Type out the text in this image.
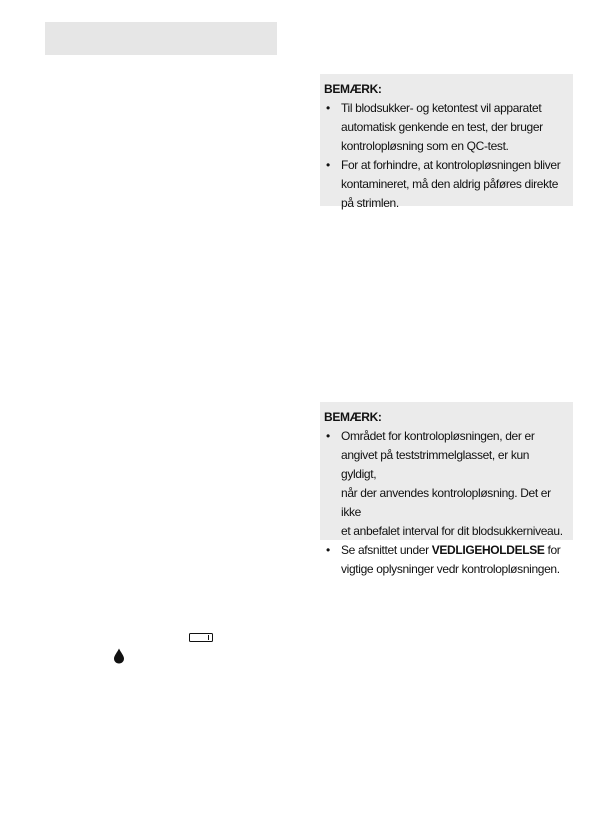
BEMÆRK:
• Til blodsukker- og ketontest vil apparatet
automatisk genkende en test, der bruger
kontrolopløsning som en QC-test.
• For at forhindre, at kontrolopløsningen bliver
kontamineret, må den aldrig påføres direkte
på strimlen.
BEMÆRK:
• Området for kontrolopløsningen, der er
angivet på teststrimmelglasset, er kun gyldigt,
når der anvendes kontrolopløsning. Det er ikke
et anbefalet interval for dit blodsukkerniveau.
• Se afsnittet under VEDLIGEHOLDELSE for
vigtige oplysninger vedr kontrolopløsningen.
